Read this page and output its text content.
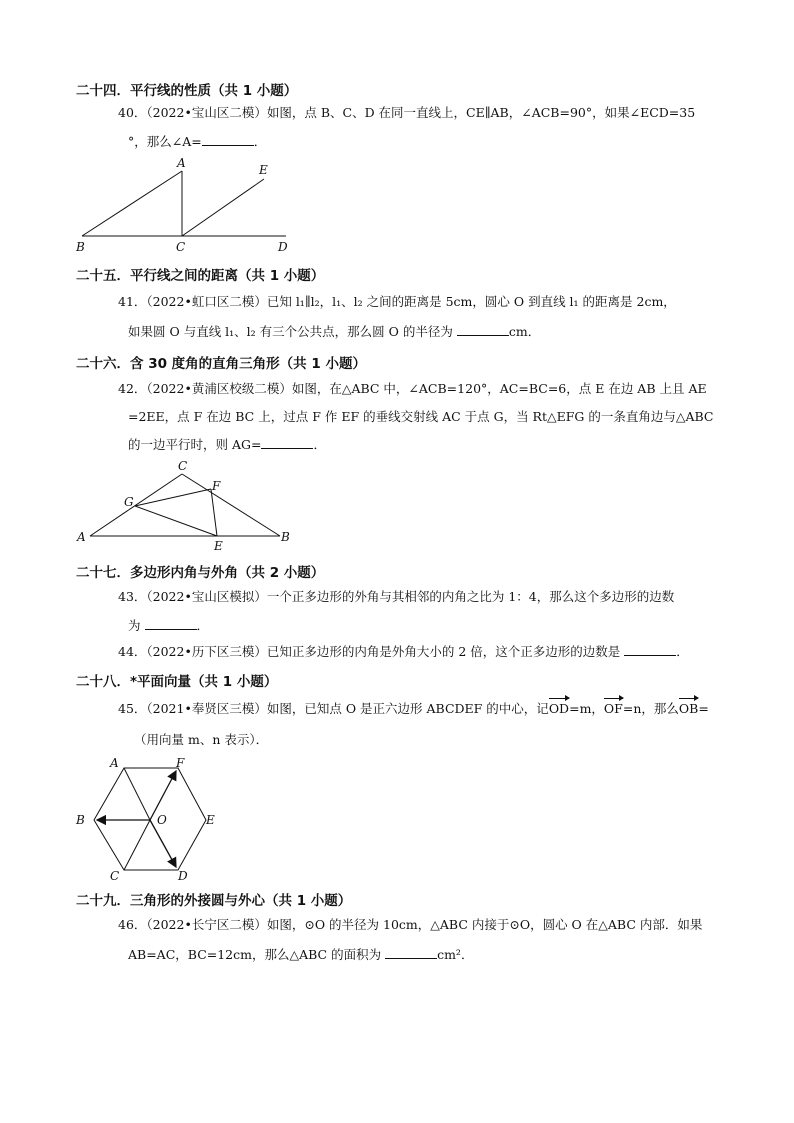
二十四．平行线的性质（共 1 小题）
40．（2022•宝山区二模）如图，点 B、C、D 在同一直线上，CE∥AB，∠ACB=90°，如果∠ECD=35
°，那么∠A=	．
A	E
B	C	D
二十五．平行线之间的距离（共 1 小题）
41．（2022•虹口区二模）已知 l₁∥l₂，l₁、l₂ 之间的距离是 5cm，圆心 O 到直线 l₁ 的距离是 2cm，
如果圆 O 与直线 l₁、l₂ 有三个公共点，那么圆 O 的半径为	cm．
二十六．含 30 度角的直角三角形（共 1 小题）
42．（2022•黄浦区校级二模）如图，在△ABC 中，∠ACB=120°，AC=BC=6，点 E 在边 AB 上且 AE
=2EE，点 F 在边 BC 上，过点 F 作 EF 的垂线交射线 AC 于点 G，当 Rt△EFG 的一条直角边与△ABC
的一边平行时，则 AG=	．
C
F
G
A
E
B
二十七．多边形内角与外角（共 2 小题）
43．（2022•宝山区模拟）一个正多边形的外角与其相邻的内角之比为 1：4，那么这个多边形的边数
为	．
44．（2022•历下区三模）已知正多边形的内角是外角大小的 2 倍，这个正多边形的边数是	．
二十八．*平面向量（共 1 小题）
45．（2021•奉贤区三模）如图，已知点 O 是正六边形 ABCDEF 的中心，记OD=m，OF=n，那么OB=
（用向量 m、n 表示）．
A	F
B	O	E
C	D
二十九．三角形的外接圆与外心（共 1 小题）
46．（2022•长宁区二模）如图，⊙O 的半径为 10cm，△ABC 内接于⊙O，圆心 O 在△ABC 内部．如果
AB=AC，BC=12cm，那么△ABC 的面积为	cm²．
